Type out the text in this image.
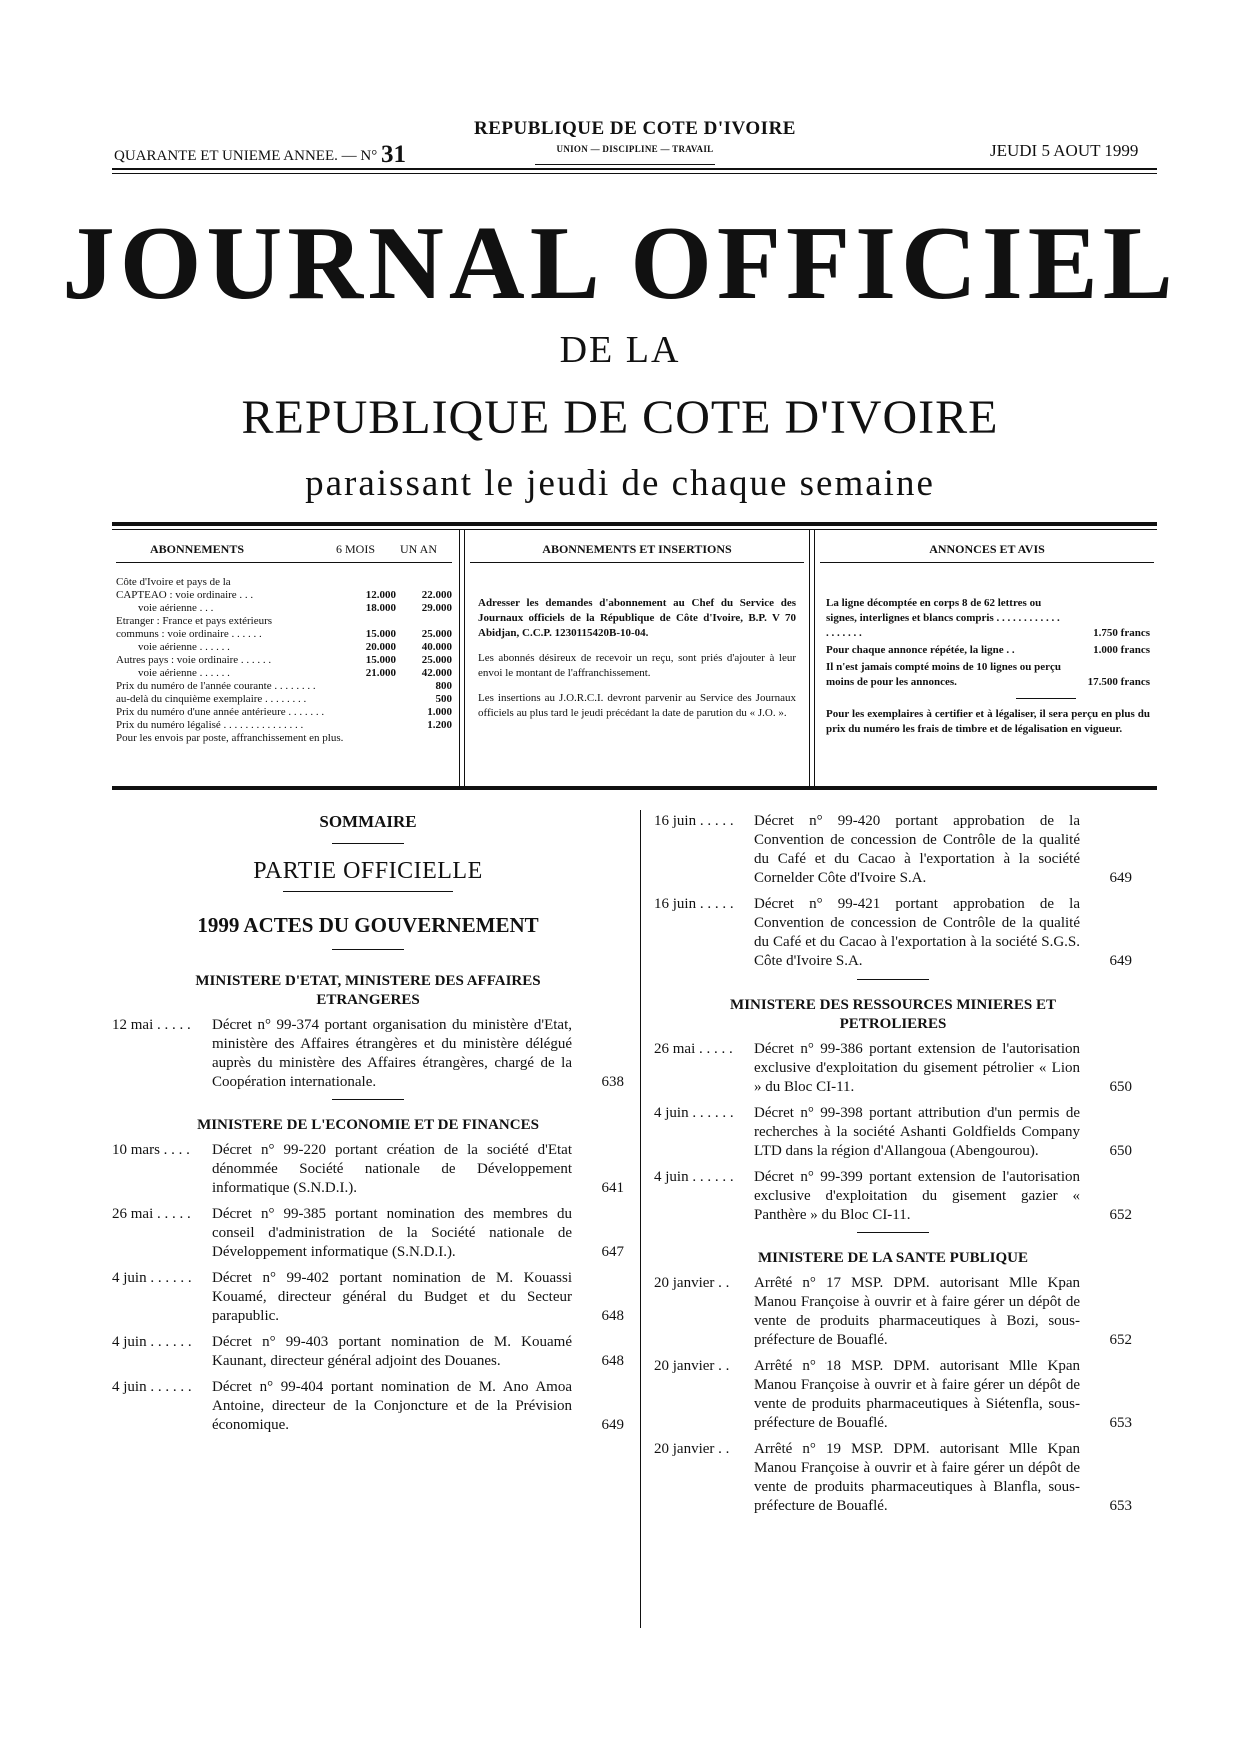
QUARANTE ET UNIEME ANNEE. — N° 31
REPUBLIQUE DE COTE D'IVOIRE
UNION — DISCIPLINE — TRAVAIL	JEUDI 5 AOUT 1999
JOURNAL OFFICIEL
DE LA
REPUBLIQUE DE COTE D'IVOIRE
paraissant le jeudi de chaque semaine
ABONNEMENTS	6 MOIS UN AN
Côte d'Ivoire et pays de la		
CAPTEAO : voie ordinaire . . .	12.000	22.000
voie aérienne . . .	18.000	29.000
Etranger : France et pays extérieurs		
communs : voie ordinaire . . . . . .	15.000	25.000
voie aérienne . . . . . .	20.000	40.000
Autres pays : voie ordinaire . . . . . .	15.000	25.000
voie aérienne . . . . . .	21.000	42.000
Prix du numéro de l'année courante . . . . . . . .	800
au-delà du cinquième exemplaire . . . . . . . .	500
Prix du numéro d'une année antérieure . . . . . . .	1.000
Prix du numéro légalisé . . . . . . . . . . . . . . .	1.200
Pour les envois par poste, affranchissement en plus.	
ABONNEMENTS ET INSERTIONS
Adresser les demandes d'abonnement au Chef du Service des Journaux officiels de la République de Côte d'Ivoire, B.P. V 70 Abidjan, C.C.P. 1230115420B-10-04.
Les abonnés désireux de recevoir un reçu, sont priés d'ajouter à leur envoi le montant de l'affranchissement.
Les insertions au J.O.R.C.I. devront parvenir au Service des Journaux officiels au plus tard le jeudi précédant la date de parution du « J.O. ».
ANNONCES ET AVIS
La ligne décomptée en corps 8 de 62 lettres ou signes, interlignes et blancs compris . . . . . . . . . . . . . . . . . . .	1.750 francs
Pour chaque annonce répétée, la ligne . .	1.000 francs
Il n'est jamais compté moins de 10 lignes ou perçu moins de pour les annonces.	17.500 francs
Pour les exemplaires à certifier et à légaliser, il sera perçu en plus du prix du numéro les frais de timbre et de légalisation en vigueur.
SOMMAIRE
PARTIE OFFICIELLE
1999 ACTES DU GOUVERNEMENT
MINISTERE D'ETAT, MINISTERE DES AFFAIRES ETRANGERES
12 mai . . . . .	Décret n° 99-374 portant organisation du ministère d'Etat, ministère des Affaires étrangères et du ministère délégué auprès du ministère des Affaires étrangères, chargé de la Coopération internationale.	638
MINISTERE DE L'ECONOMIE ET DE FINANCES
10 mars . . . .	Décret n° 99-220 portant création de la société d'Etat dénommée Société nationale de Développement informatique (S.N.D.I.).	641
26 mai . . . . .	Décret n° 99-385 portant nomination des membres du conseil d'administration de la Société nationale de Développement informatique (S.N.D.I.).	647
4 juin . . . . . .	Décret n° 99-402 portant nomination de M. Kouassi Kouamé, directeur général du Budget et du Secteur parapublic.	648
4 juin . . . . . .	Décret n° 99-403 portant nomination de M. Kouamé Kaunant, directeur général adjoint des Douanes.	648
4 juin . . . . . .	Décret n° 99-404 portant nomination de M. Ano Amoa Antoine, directeur de la Conjoncture et de la Prévision économique.	649
16 juin . . . . .	Décret n° 99-420 portant approbation de la Convention de concession de Contrôle de la qualité du Café et du Cacao à l'exportation à la société Cornelder Côte d'Ivoire S.A.	649
16 juin . . . . .	Décret n° 99-421 portant approbation de la Convention de concession de Contrôle de la qualité du Café et du Cacao à l'exportation à la société S.G.S. Côte d'Ivoire S.A.	649
MINISTERE DES RESSOURCES MINIERES ET PETROLIERES
26 mai . . . . .	Décret n° 99-386 portant extension de l'autorisation exclusive d'exploitation du gisement pétrolier « Lion » du Bloc CI-11.	650
4 juin . . . . . .	Décret n° 99-398 portant attribution d'un permis de recherches à la société Ashanti Goldfields Company LTD dans la région d'Allangoua (Abengourou).	650
4 juin . . . . . .	Décret n° 99-399 portant extension de l'autorisation exclusive d'exploitation du gisement gazier « Panthère » du Bloc CI-11.	652
MINISTERE DE LA SANTE PUBLIQUE
20 janvier . .	Arrêté n° 17 MSP. DPM. autorisant Mlle Kpan Manou Françoise à ouvrir et à faire gérer un dépôt de vente de produits pharmaceutiques à Bozi, sous-préfecture de Bouaflé.	652
20 janvier . .	Arrêté n° 18 MSP. DPM. autorisant Mlle Kpan Manou Françoise à ouvrir et à faire gérer un dépôt de vente de produits pharmaceutiques à Siétenfla, sous-préfecture de Bouaflé.	653
20 janvier . .	Arrêté n° 19 MSP. DPM. autorisant Mlle Kpan Manou Françoise à ouvrir et à faire gérer un dépôt de vente de produits pharmaceutiques à Blanfla, sous-préfecture de Bouaflé.	653
